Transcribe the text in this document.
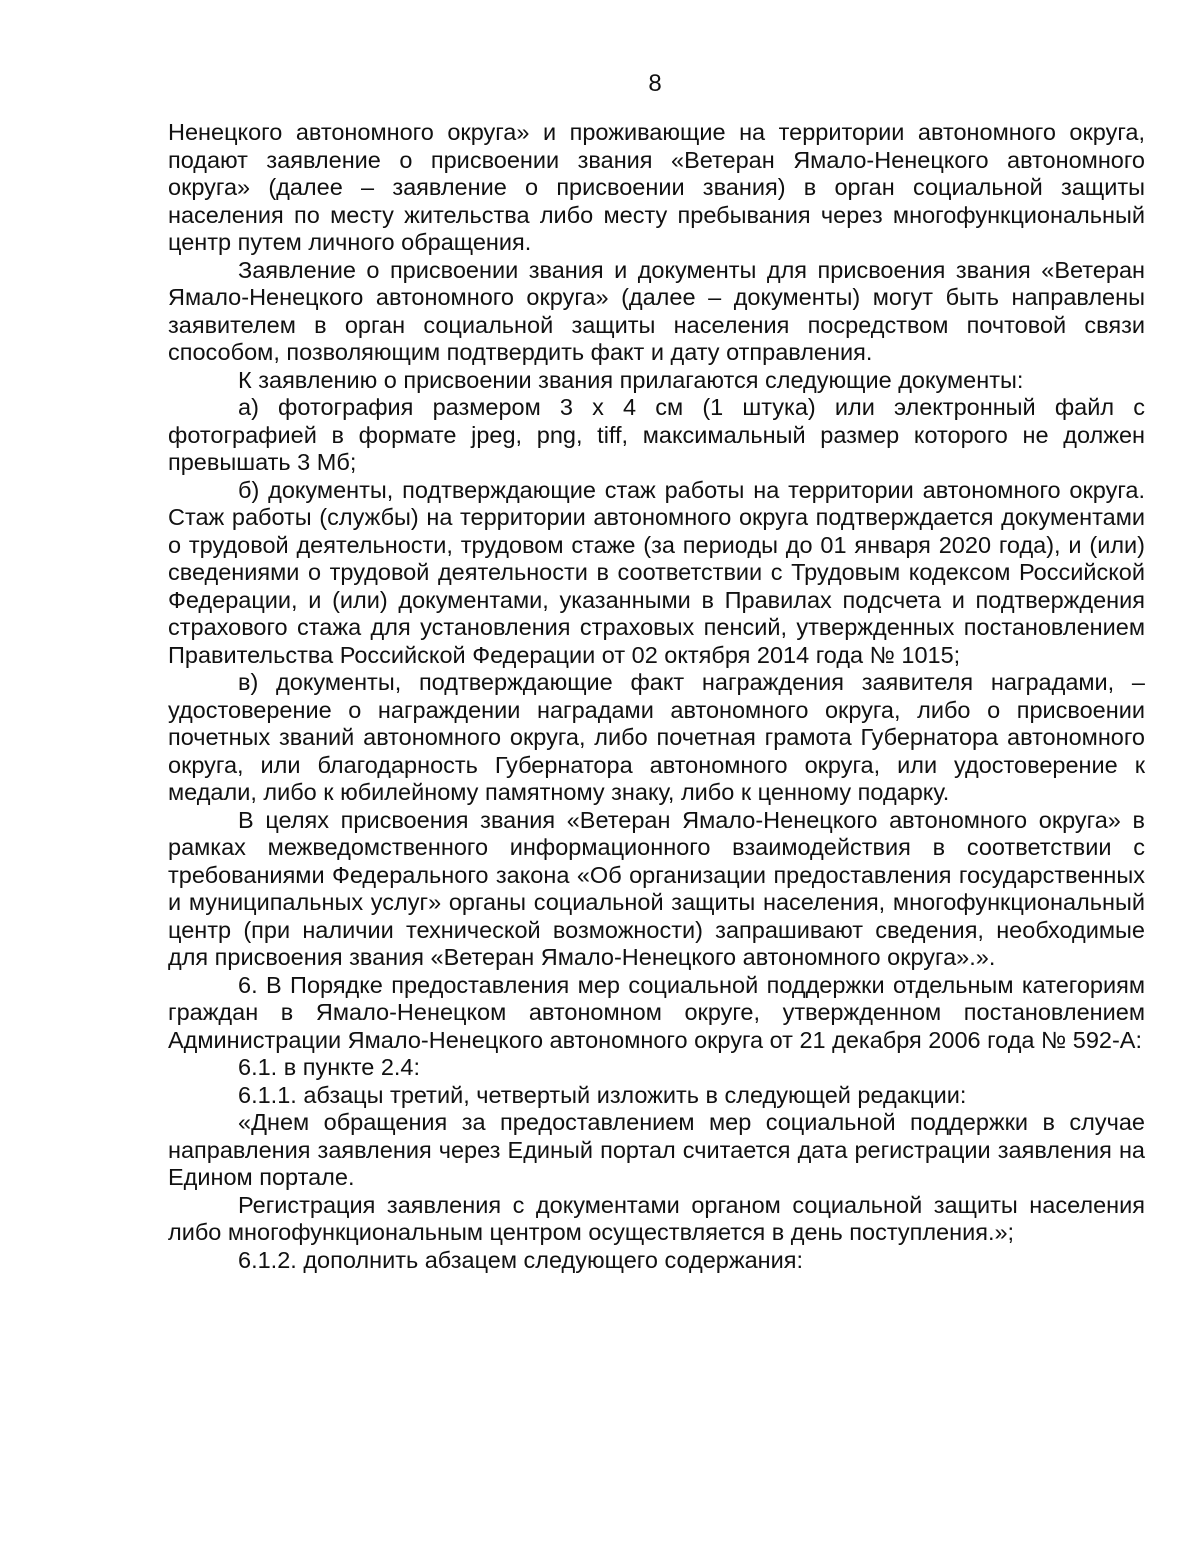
8

Ненецкого автономного округа» и проживающие на территории автономного округа, подают заявление о присвоении звания «Ветеран Ямало-Ненецкого автономного округа» (далее – заявление о присвоении звания) в орган социальной защиты населения по месту жительства либо месту пребывания через многофункциональный центр путем личного обращения.

Заявление о присвоении звания и документы для присвоения звания «Ветеран Ямало-Ненецкого автономного округа» (далее – документы) могут быть направлены заявителем в орган социальной защиты населения посредством почтовой связи способом, позволяющим подтвердить факт и дату отправления.

К заявлению о присвоении звания прилагаются следующие документы:

а) фотография размером 3 х 4 см (1 штука) или электронный файл с фотографией в формате jpeg, png, tiff, максимальный размер которого не должен превышать 3 Мб;

б) документы, подтверждающие стаж работы на территории автономного округа. Стаж работы (службы) на территории автономного округа подтверждается документами о трудовой деятельности, трудовом стаже (за периоды до 01 января 2020 года), и (или) сведениями о трудовой деятельности в соответствии с Трудовым кодексом Российской Федерации, и (или) документами, указанными в Правилах подсчета и подтверждения страхового стажа для установления страховых пенсий, утвержденных постановлением Правительства Российской Федерации от 02 октября 2014 года № 1015;

в) документы, подтверждающие факт награждения заявителя наградами, – удостоверение о награждении наградами автономного округа, либо о присвоении почетных званий автономного округа, либо почетная грамота Губернатора автономного округа, или благодарность Губернатора автономного округа, или удостоверение к медали, либо к юбилейному памятному знаку, либо к ценному подарку.

В целях присвоения звания «Ветеран Ямало-Ненецкого автономного округа» в рамках межведомственного информационного взаимодействия в соответствии с требованиями Федерального закона «Об организации предоставления государственных и муниципальных услуг» органы социальной защиты населения, многофункциональный центр (при наличии технической возможности) запрашивают сведения, необходимые для присвоения звания «Ветеран Ямало-Ненецкого автономного округа».».

6. В Порядке предоставления мер социальной поддержки отдельным категориям граждан в Ямало-Ненецком автономном округе, утвержденном постановлением Администрации Ямало-Ненецкого автономного округа от 21 декабря 2006 года № 592-А:

6.1. в пункте 2.4:

6.1.1. абзацы третий, четвертый изложить в следующей редакции:

«Днем обращения за предоставлением мер социальной поддержки в случае направления заявления через Единый портал считается дата регистрации заявления на Едином портале.

Регистрация заявления с документами органом социальной защиты населения либо многофункциональным центром осуществляется в день поступления.»;

6.1.2. дополнить абзацем следующего содержания:
